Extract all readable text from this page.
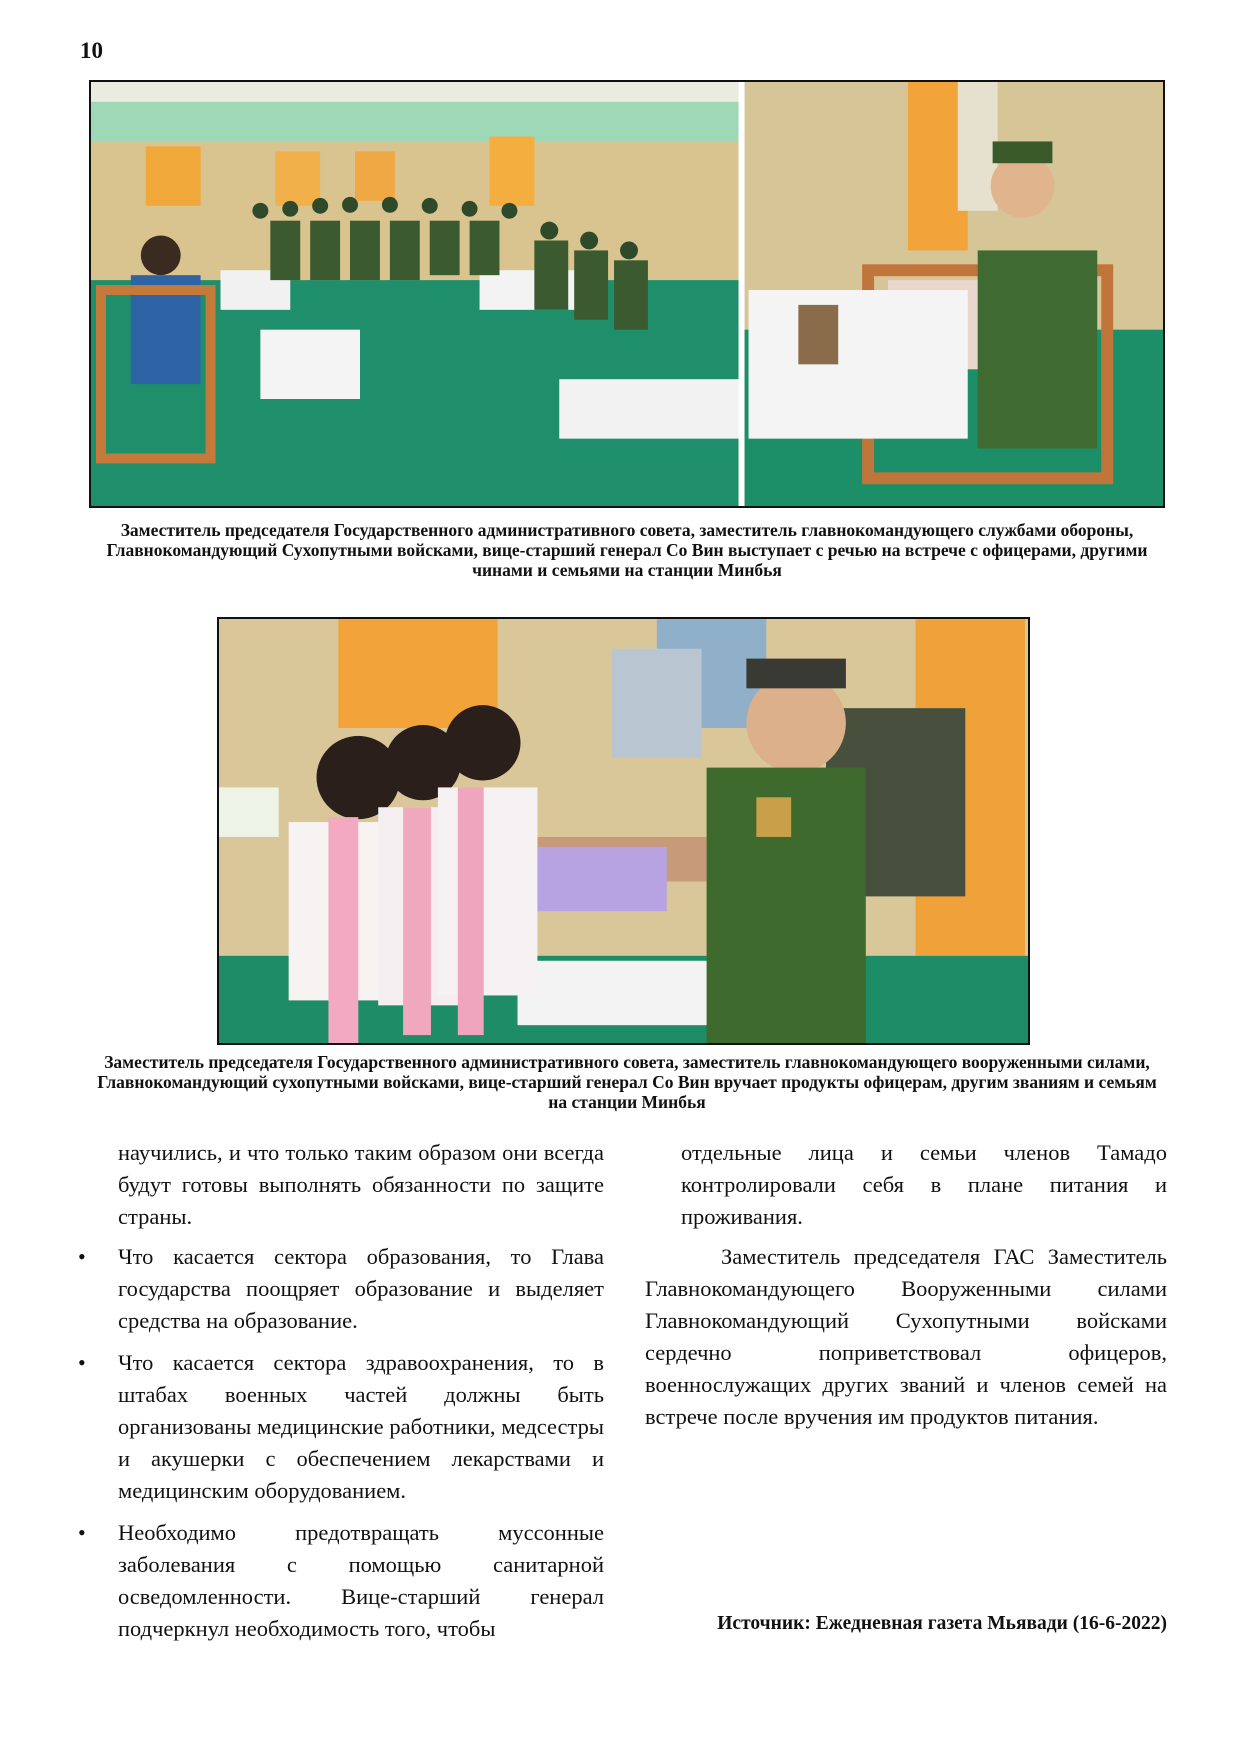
10
Заместитель председателя Государственного административного совета, заместитель главнокомандующего службами обороны, Главнокомандующий Сухопутными войсками, вице-старший генерал Со Вин выступает с речью на встрече с офицерами, другими чинами и семьями на станции Минбья
Заместитель председателя Государственного административного совета, заместитель главнокомандующего вооруженными силами, Главнокомандующий сухопутными войсками, вице-старший генерал Со Вин вручает продукты офицерам, другим званиям и семьям на станции Минбья

научились, и что только таким образом они всегда будут готовы выполнять обязанности по защите страны.

• Что касается сектора образования, то Глава государства поощряет образование и выделяет средства на образование.
• Что касается сектора здравоохранения, то в штабах военных частей должны быть организованы медицинские работники, медсестры и акушерки с обеспечением лекарствами и медицинским оборудованием.
• Необходимо предотвращать муссонные заболевания с помощью санитарной осведомленности. Вице-старший генерал подчеркнул необходимость того, чтобы

отдельные лица и семьи членов Тамадо контролировали себя в плане питания и проживания.

Заместитель председателя ГАС Заместитель Главнокомандующего Вооруженными силами Главнокомандующий Сухопутными войсками сердечно поприветствовал офицеров, военнослужащих других званий и членов семей на встрече после вручения им продуктов питания.

Источник: Ежедневная газета Мьявади (16-6-2022)
